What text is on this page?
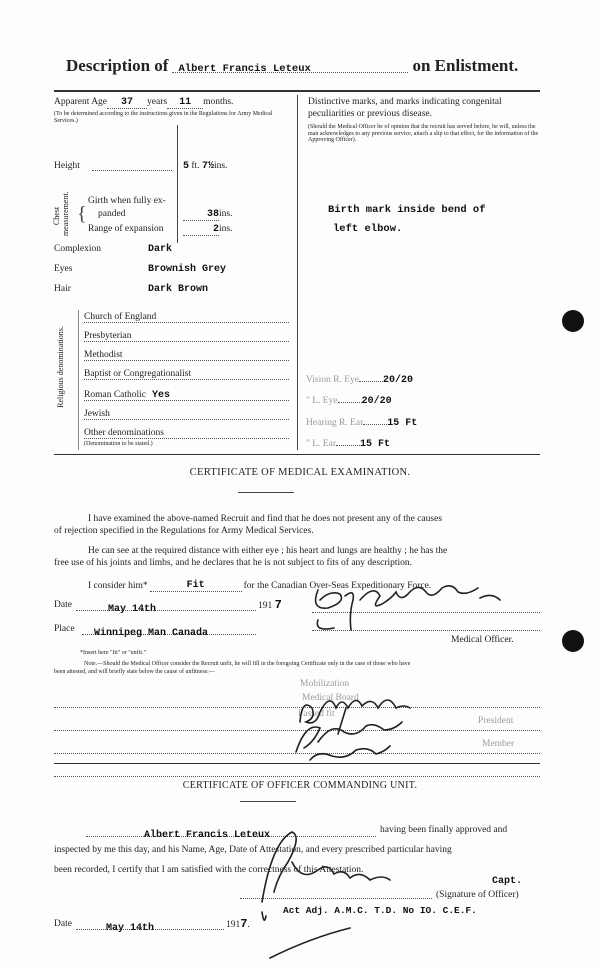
Description of Albert Francis Leteux	on Enlistment.
Apparent Age 37 years 11 months.
(To be determined according to the instructions given in the Regulations for Army Medical Services.)
Height	5 ft. 7½ins.
Chest measurement. {
Girth when fully ex-
panded	38ins.
Range of expansion	2ins.
Complexion	Dark
Eyes	Brownish Grey
Hair	Dark Brown
Religious denominations.
Church of England
Presbyterian
Methodist
Baptist or Congregationalist
Roman Catholic Yes
Jewish
Other denominations
(Denomination to be stated.)
Distinctive marks, and marks indicating congenital
peculiarities or previous disease.
(Should the Medical Officer be of opinion that the recruit has served before, he will, unless the man acknowledges to any previous service, attach a slip to that effect, for the information of the Approving Officer).
Birth mark inside bend of
left elbow.
Vision R. Eye 20/20
" L. Eye 20/20
Hearing R. Ear 15 Ft
" L. Ear 15 Ft
CERTIFICATE OF MEDICAL EXAMINATION.
I have examined the above-named Recruit and find that he does not present any of the causes
of rejection specified in the Regulations for Army Medical Services.
He can see at the required distance with either eye ; his heart and lungs are healthy ; he has the
free use of his joints and limbs, and he declares that he is not subject to fits of any description.
I consider him*	Fit	for the Canadian Over-Seas Expeditionary Force.
Date	May 14th	191 7
Place	Winnipeg Man Canada
Medical Officer.
*Insert here "fit" or "unfit."
Note.—Should the Medical Officer consider the Recruit unfit, he will fill in the foregoing Certificate only in the case of those who have
been attested, and will briefly state below the cause of unfitness:—
Mobilization
Medical Board
Passed fit
President
Member
CERTIFICATE OF OFFICER COMMANDING UNIT.
Albert Francis Leteux	having been finally approved and
inspected by me this day, and his Name, Age, Date of Attestation, and every prescribed particular having
been recorded, I certify that I am satisfied with the correctness of this Attestation.
Capt.
(Signature of Officer)
Act Adj. A.M.C. T.D. No IO. C.E.F.
Date	May 14th	1917.
